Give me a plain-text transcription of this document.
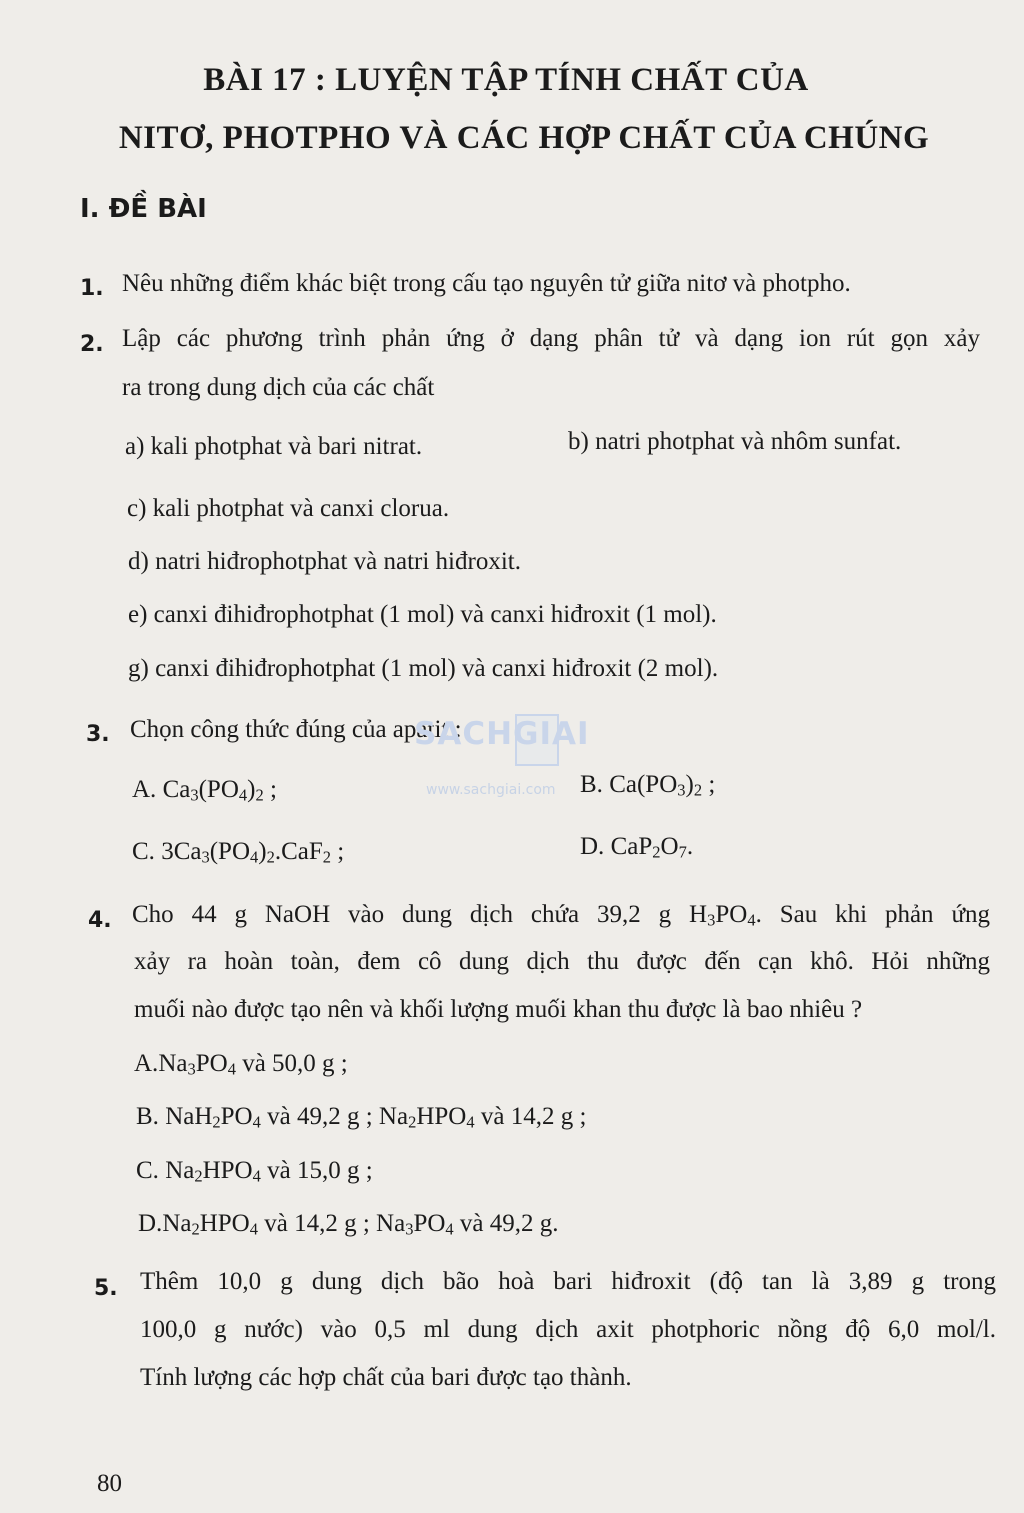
BÀI 17 : LUYỆN TẬP TÍNH CHẤT CỦA
NITƠ, PHOTPHO VÀ CÁC HỢP CHẤT CỦA CHÚNG
I. ĐỀ BÀI
1. Nêu những điểm khác biệt trong cấu tạo nguyên tử giữa nitơ và photpho.
2. Lập các phương trình phản ứng ở dạng phân tử và dạng ion rút gọn xảy
ra trong dung dịch của các chất
a) kali photphat và bari nitrat.	b) natri photphat và nhôm sunfat.
c) kali photphat và canxi clorua.
d) natri hiđrophotphat và natri hiđroxit.
e) canxi đihiđrophotphat (1 mol) và canxi hiđroxit (1 mol).
g) canxi đihiđrophotphat (1 mol) và canxi hiđroxit (2 mol).
3. Chọn công thức đúng của apatit :
A. $Ca_3(PO_4)_2$ ;	B. $Ca(PO_3)_2$ ;
C. $3Ca_3(PO_4)_2.CaF_2$ ;	D. $CaP_2O_7$.
4. Cho 44 g NaOH vào dung dịch chứa 39,2 g $H_3PO_4$. Sau khi phản ứng
xảy ra hoàn toàn, đem cô dung dịch thu được đến cạn khô. Hỏi những
muối nào được tạo nên và khối lượng muối khan thu được là bao nhiêu ?
$A.Na_3PO_4$ và 50,0 g ;
B. $NaH_2PO_4$ và 49,2 g ; $Na_2HPO_4$ và 14,2 g ;
C. $Na_2HPO_4$ và 15,0 g ;
$D.Na_2HPO_4$ và 14,2 g ; $Na_3PO_4$ và 49,2 g.
5. Thêm 10,0 g dung dịch bão hoà bari hiđroxit (độ tan là 3,89 g trong
100,0 g nước) vào 0,5 ml dung dịch axit photphoric nồng độ 6,0 mol/l.
Tính lượng các hợp chất của bari được tạo thành.
SACHGIAI
www.sachgiai.com
80
